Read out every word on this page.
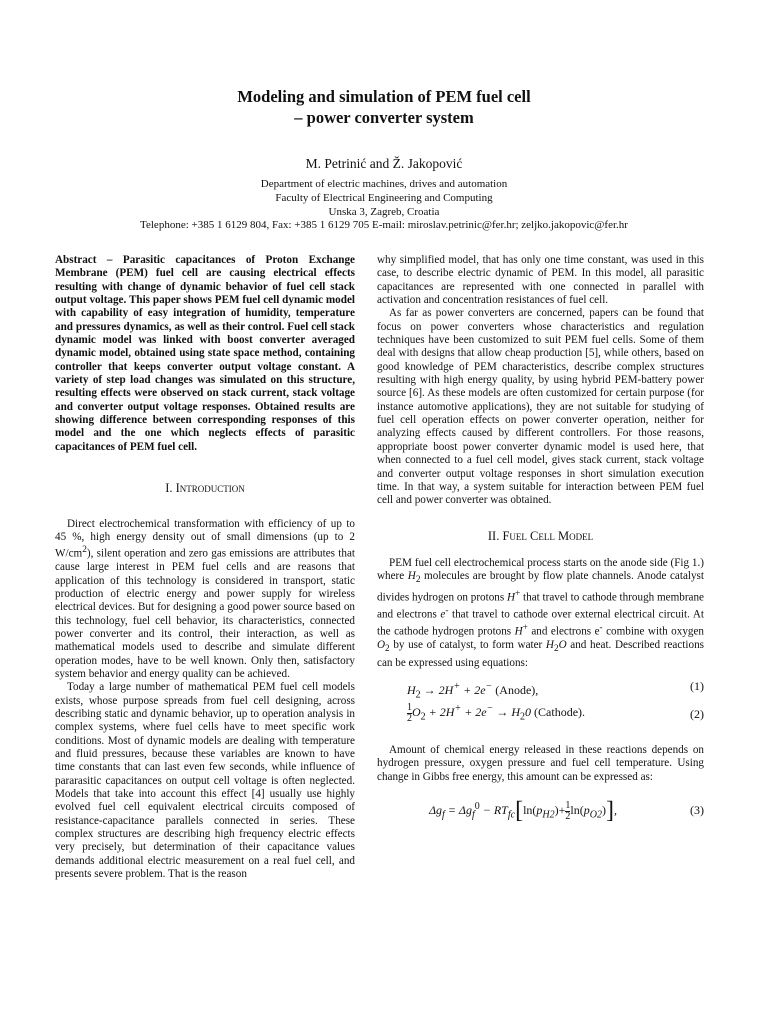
Modeling and simulation of PEM fuel cell
– power converter system
M. Petrinić and Ž. Jakopović
Department of electric machines, drives and automation
Faculty of Electrical Engineering and Computing
Unska 3, Zagreb, Croatia
Telephone: +385 1 6129 804, Fax: +385 1 6129 705 E-mail: miroslav.petrinic@fer.hr; zeljko.jakopovic@fer.hr

Abstract – Parasitic capacitances of Proton Exchange Membrane (PEM) fuel cell are causing electrical effects resulting with change of dynamic behavior of fuel cell stack output voltage. This paper shows PEM fuel cell dynamic model with capability of easy integration of humidity, temperature and pressures dynamics, as well as their control. Fuel cell stack dynamic model was linked with boost converter averaged dynamic model, obtained using state space method, containing controller that keeps converter output voltage constant. A variety of step load changes was simulated on this structure, resulting effects were observed on stack current, stack voltage and converter output voltage responses. Obtained results are showing difference between corresponding responses of this model and the one which neglects effects of parasitic capacitances of PEM fuel cell.

I. Introduction

Direct electrochemical transformation with efficiency of up to 45 %, high energy density out of small dimensions (up to 2 $W/cm^2$), silent operation and zero gas emissions are attributes that cause large interest in PEM fuel cells and are reasons that application of this technology is considered in transport, static production of electric energy and power supply for wireless electrical devices. But for designing a good power source based on this technology, fuel cell behavior, its characteristics, connected power converter and its control, their interaction, as well as mathematical models used to describe and simulate different operation modes, have to be well known. Only then, satisfactory system behavior and energy quality can be achieved.

Today a large number of mathematical PEM fuel cell models exists, whose purpose spreads from fuel cell designing, across describing static and dynamic behavior, up to operation analysis in complex systems, where fuel cells have to meet specific work conditions. Most of dynamic models are dealing with temperature and fluid pressures, because these variables are known to have time constants that can last even few seconds, while influence of pararasitic capacitances on output cell voltage is often neglected. Models that take into account this effect [4] usually use highly evolved fuel cell equivalent electrical circuits composed of resistance-capacitance parallels connected in series. These complex structures are describing high frequency electric effects very precisely, but determination of their capacitance values demands additional electric measurement on a real fuel cell, and presents severe problem. That is the reason

why simplified model, that has only one time constant, was used in this case, to describe electric dynamic of PEM. In this model, all parasitic capacitances are represented with one connected in parallel with activation and concentration resistances of fuel cell.

As far as power converters are concerned, papers can be found that focus on power converters whose characteristics and regulation techniques have been customized to suit PEM fuel cells. Some of them deal with designs that allow cheap production [5], while others, based on good knowledge of PEM characteristics, describe complex structures resulting with high energy quality, by using hybrid PEM-battery power source [6]. As these models are often customized for certain purpose (for instance automotive applications), they are not suitable for studying of fuel cell operation effects on power converter operation, neither for analyzing effects caused by different controllers. For those reasons, appropriate boost power converter dynamic model is used here, that when connected to a fuel cell model, gives stack current, stack voltage and converter output voltage responses in short simulation execution time. In that way, a system suitable for interaction between PEM fuel cell and power converter was obtained.

II. Fuel Cell Model

PEM fuel cell electrochemical process starts on the anode side (Fig 1.) where $H_2$ molecules are brought by flow plate channels. Anode catalyst divides hydrogen on protons H+ that travel to cathode through membrane and electrons e- that travel to cathode over external electrical circuit. At the cathode hydrogen protons H+ and electrons e- combine with oxygen $O_2$ by use of catalyst, to form water $H_2O$ and heat. Described reactions can be expressed using equations:

$H_2 \to 2H^+ + 2e^-$ (Anode),	(1)
$\frac{1}{2} O_2 + 2H^+ + 2e^- \to H_20$ (Cathode).	(2)

Amount of chemical energy released in these reactions depends on hydrogen pressure, oxygen pressure and fuel cell temperature. Using change in Gibbs free energy, this amount can be expressed as:

$\Delta g_f = \Delta g_f^0 - RT_{fc}[\ln(p_{H2})+ \frac{1}{2} \ln(p_{O2})]$,	(3)
